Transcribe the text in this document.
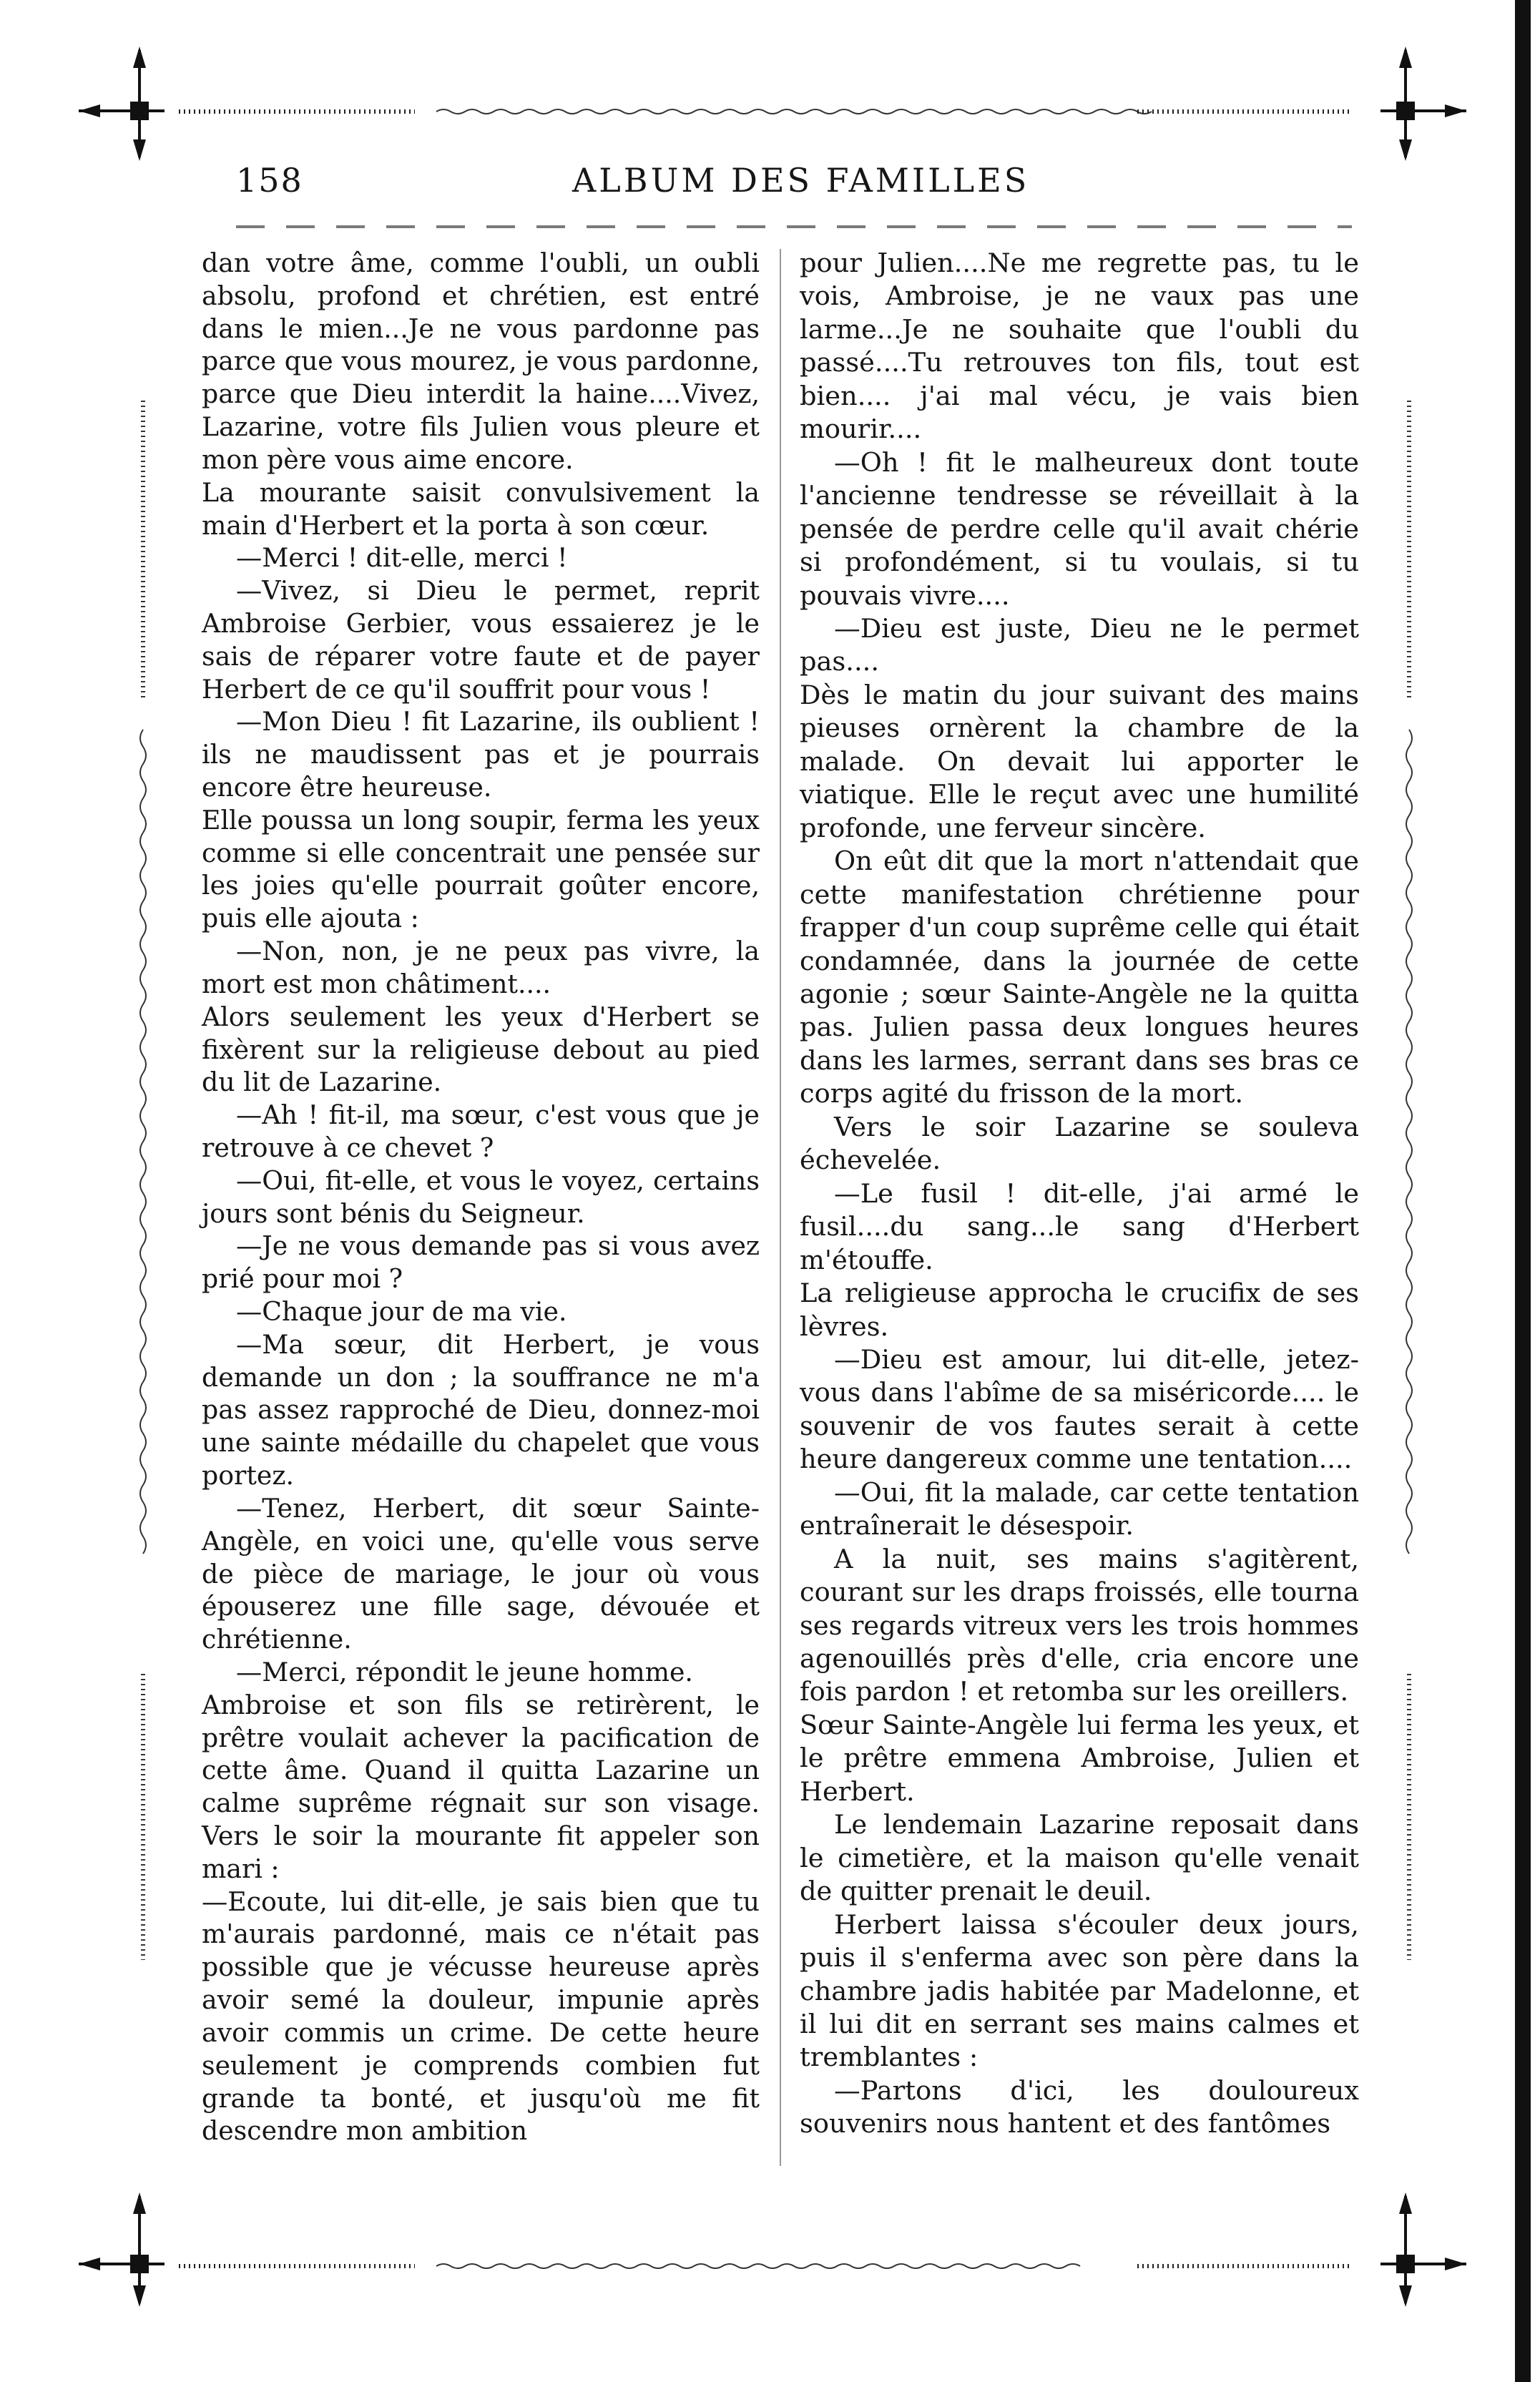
158	ALBUM DES FAMILLES

dan votre âme, comme l'oubli, un oubli absolu, profond et chrétien, est entré dans le mien...Je ne vous pardonne pas parce que vous mourez, je vous pardonne, parce que Dieu interdit la haine....Vivez, Lazarine, votre fils Julien vous pleure et mon père vous aime encore.

La mourante saisit convulsivement la main d'Herbert et la porta à son cœur.

—Merci ! dit-elle, merci !

—Vivez, si Dieu le permet, reprit Ambroise Gerbier, vous essaierez je le sais de réparer votre faute et de payer Herbert de ce qu'il souffrit pour vous !

—Mon Dieu ! fit Lazarine, ils oublient ! ils ne maudissent pas et je pourrais encore être heureuse.

Elle poussa un long soupir, ferma les yeux comme si elle concentrait une pensée sur les joies qu'elle pourrait goûter encore, puis elle ajouta :

—Non, non, je ne peux pas vivre, la mort est mon châtiment....

Alors seulement les yeux d'Herbert se fixèrent sur la religieuse debout au pied du lit de Lazarine.

—Ah ! fit-il, ma sœur, c'est vous que je retrouve à ce chevet ?

—Oui, fit-elle, et vous le voyez, certains jours sont bénis du Seigneur.

—Je ne vous demande pas si vous avez prié pour moi ?

—Chaque jour de ma vie.

—Ma sœur, dit Herbert, je vous demande un don ; la souffrance ne m'a pas assez rapproché de Dieu, donnez-moi une sainte médaille du chapelet que vous portez.

—Tenez, Herbert, dit sœur Sainte-Angèle, en voici une, qu'elle vous serve de pièce de mariage, le jour où vous épouserez une fille sage, dévouée et chrétienne.

—Merci, répondit le jeune homme.

Ambroise et son fils se retirèrent, le prêtre voulait achever la pacification de cette âme. Quand il quitta Lazarine un calme suprême régnait sur son visage. Vers le soir la mourante fit appeler son mari :

—Ecoute, lui dit-elle, je sais bien que tu m'aurais pardonné, mais ce n'était pas possible que je vécusse heureuse après avoir semé la douleur, impunie après avoir commis un crime. De cette heure seulement je comprends combien fut grande ta bonté, et jusqu'où me fit descendre mon ambition

pour Julien....Ne me regrette pas, tu le vois, Ambroise, je ne vaux pas une larme...Je ne souhaite que l'oubli du passé....Tu retrouves ton fils, tout est bien.... j'ai mal vécu, je vais bien mourir....

—Oh ! fit le malheureux dont toute l'ancienne tendresse se réveillait à la pensée de perdre celle qu'il avait chérie si profondément, si tu voulais, si tu pouvais vivre....

—Dieu est juste, Dieu ne le permet pas....

Dès le matin du jour suivant des mains pieuses ornèrent la chambre de la malade. On devait lui apporter le viatique. Elle le reçut avec une humilité profonde, une ferveur sincère.

On eût dit que la mort n'attendait que cette manifestation chrétienne pour frapper d'un coup suprême celle qui était condamnée, dans la journée de cette agonie ; sœur Sainte-Angèle ne la quitta pas. Julien passa deux longues heures dans les larmes, serrant dans ses bras ce corps agité du frisson de la mort.

Vers le soir Lazarine se souleva échevelée.

—Le fusil ! dit-elle, j'ai armé le fusil....du sang...le sang d'Herbert m'étouffe.

La religieuse approcha le crucifix de ses lèvres.

—Dieu est amour, lui dit-elle, jetez-vous dans l'abîme de sa miséricorde.... le souvenir de vos fautes serait à cette heure dangereux comme une tentation....

—Oui, fit la malade, car cette tentation entraînerait le désespoir.

A la nuit, ses mains s'agitèrent, courant sur les draps froissés, elle tourna ses regards vitreux vers les trois hommes agenouillés près d'elle, cria encore une fois pardon ! et retomba sur les oreillers.

Sœur Sainte-Angèle lui ferma les yeux, et le prêtre emmena Ambroise, Julien et Herbert.

Le lendemain Lazarine reposait dans le cimetière, et la maison qu'elle venait de quitter prenait le deuil.

Herbert laissa s'écouler deux jours, puis il s'enferma avec son père dans la chambre jadis habitée par Madelonne, et il lui dit en serrant ses mains calmes et tremblantes :

—Partons d'ici, les douloureux souvenirs nous hantent et des fantômes
